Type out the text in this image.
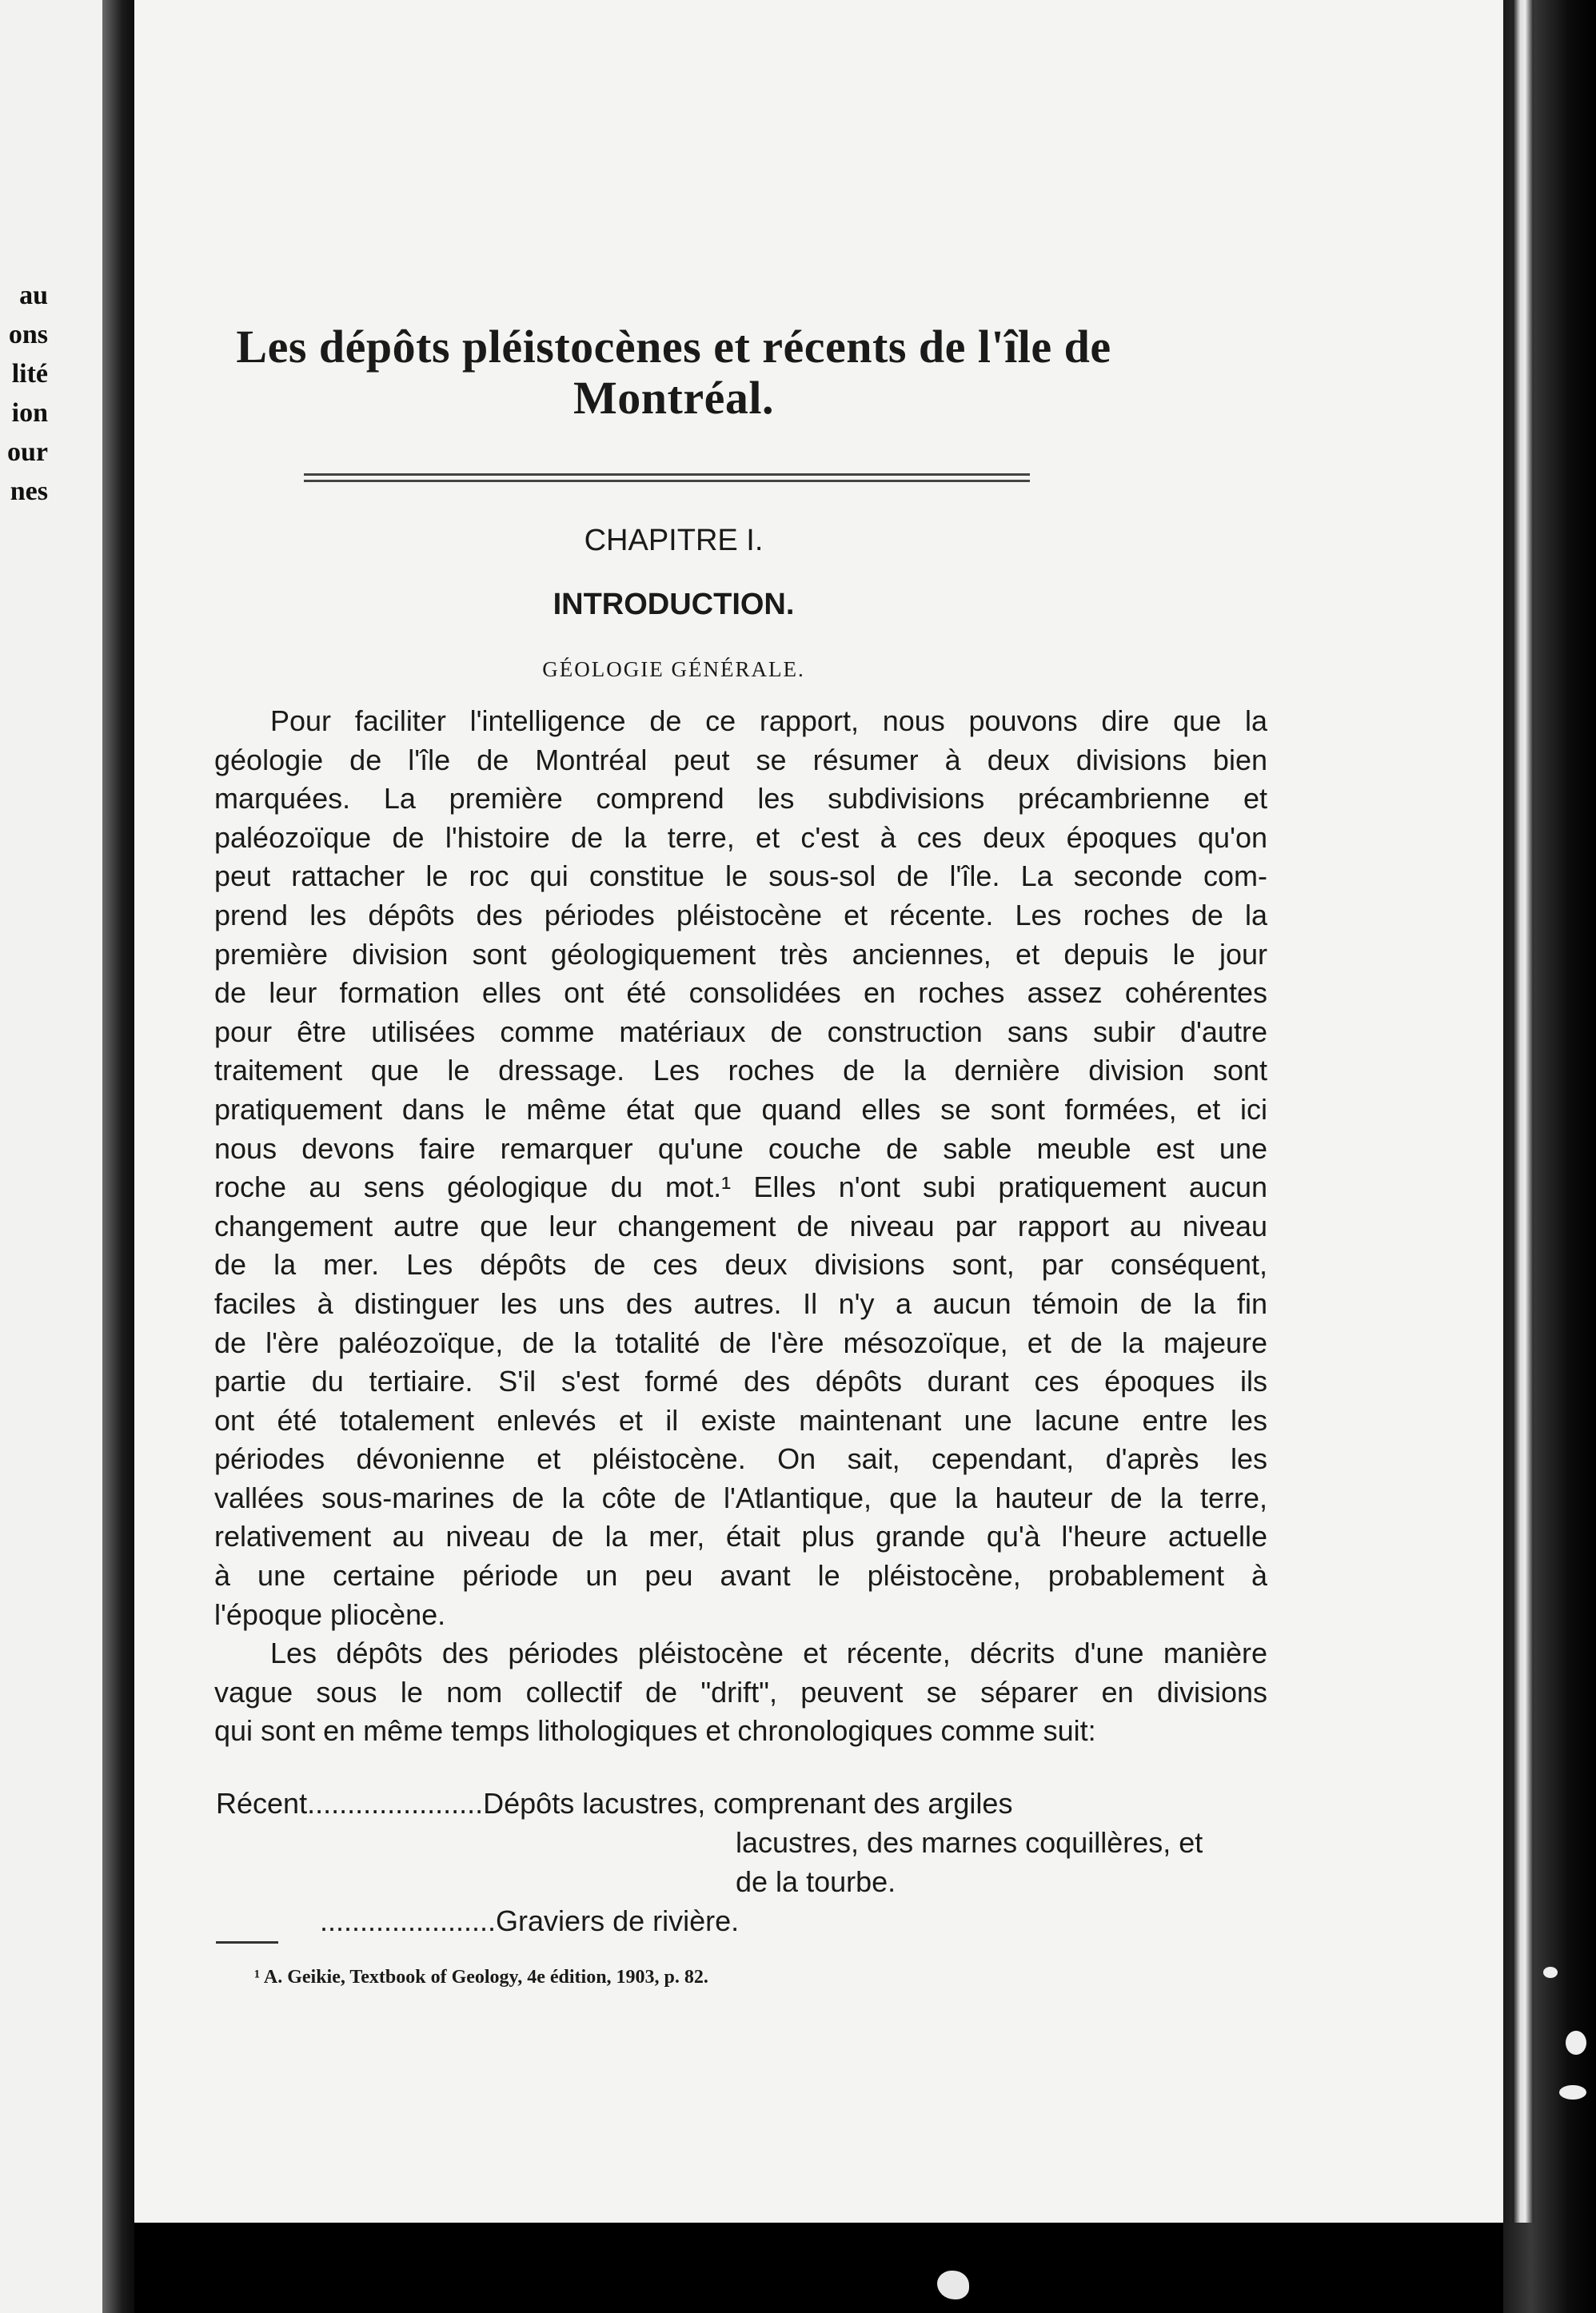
au
ons
lité
ion
our
nes
Les dépôts pléistocènes et récents de l'île de
Montréal.
CHAPITRE I.
INTRODUCTION.
GÉOLOGIE GÉNÉRALE.
Pour faciliter l'intelligence de ce rapport, nous pouvons dire que la
géologie de l'île de Montréal peut se résumer à deux divisions bien
marquées. La première comprend les subdivisions précambrienne et
paléozoïque de l'histoire de la terre, et c'est à ces deux époques qu'on
peut rattacher le roc qui constitue le sous-sol de l'île. La seconde com-
prend les dépôts des périodes pléistocène et récente. Les roches de la
première division sont géologiquement très anciennes, et depuis le jour
de leur formation elles ont été consolidées en roches assez cohérentes
pour être utilisées comme matériaux de construction sans subir d'autre
traitement que le dressage. Les roches de la dernière division sont
pratiquement dans le même état que quand elles se sont formées, et ici
nous devons faire remarquer qu'une couche de sable meuble est une
roche au sens géologique du mot.¹ Elles n'ont subi pratiquement aucun
changement autre que leur changement de niveau par rapport au niveau
de la mer. Les dépôts de ces deux divisions sont, par conséquent,
faciles à distinguer les uns des autres. Il n'y a aucun témoin de la fin
de l'ère paléozoïque, de la totalité de l'ère mésozoïque, et de la majeure
partie du tertiaire. S'il s'est formé des dépôts durant ces époques ils
ont été totalement enlevés et il existe maintenant une lacune entre les
périodes dévonienne et pléistocène. On sait, cependant, d'après les
vallées sous-marines de la côte de l'Atlantique, que la hauteur de la terre,
relativement au niveau de la mer, était plus grande qu'à l'heure actuelle
à une certaine période un peu avant le pléistocène, probablement à
l'époque pliocène.
Les dépôts des périodes pléistocène et récente, décrits d'une manière
vague sous le nom collectif de "drift", peuvent se séparer en divisions
qui sont en même temps lithologiques et chronologiques comme suit:
Récent......................Dépôts lacustres, comprenant des argiles
lacustres, des marnes coquillères, et
de la tourbe.
......................Graviers de rivière.
¹ A. Geikie, Textbook of Geology, 4e édition, 1903, p. 82.
